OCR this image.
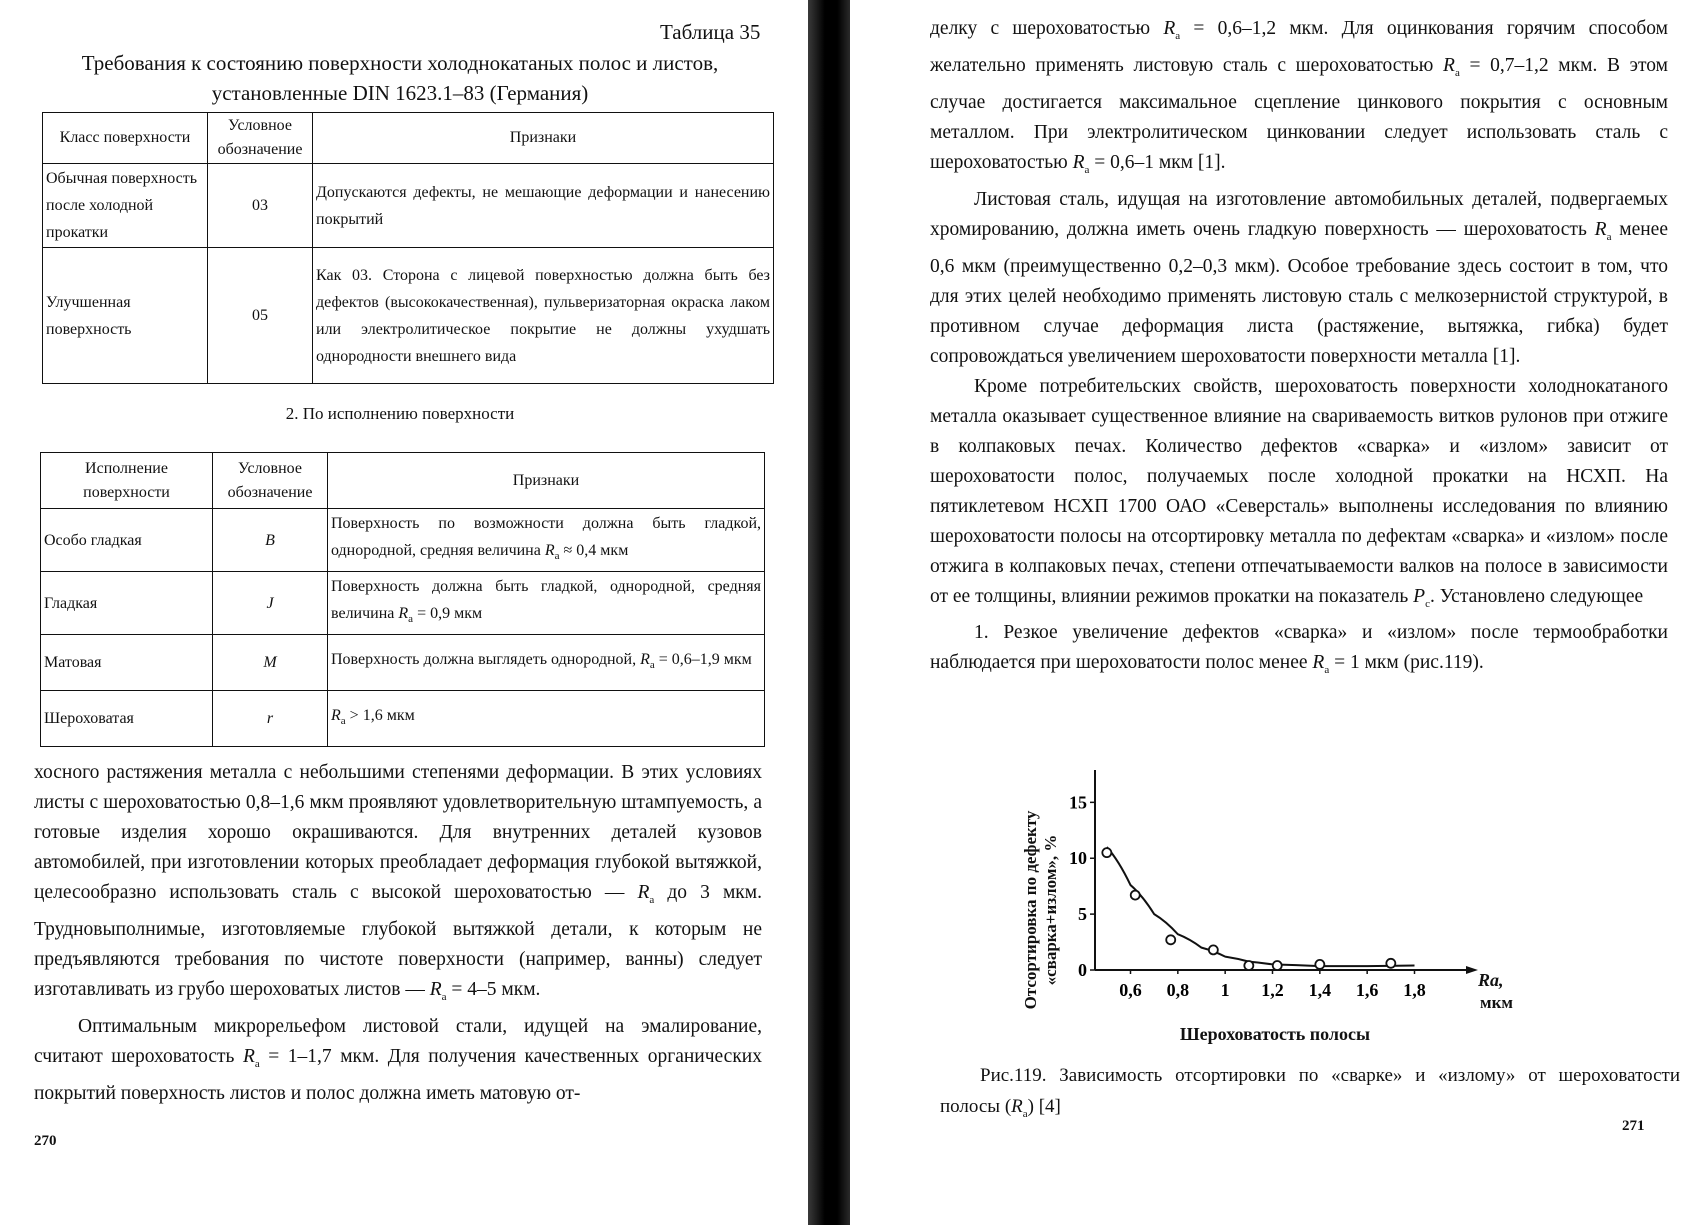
Таблица 35
Требования к состоянию поверхности холоднокатаных полос и листов,
установленные DIN 1623.1–83 (Германия)
Класс поверхности	Условное обозначение	Признаки
Обычная поверхность после холодной прокатки	03	Допускаются дефекты, не мешающие деформации и нанесению покрытий
Улучшенная поверхность	05	Как 03. Сторона с лицевой поверхностью должна быть без дефектов (высококачественная), пульверизаторная окраска лаком или электролитическое покрытие не должны ухудшать однородности внешнего вида
2. По исполнению поверхности
Исполнение поверхности	Условное обозначение	Признаки
Особо гладкая	B	Поверхность по возможности должна быть гладкой, однородной, средняя величина $R_a \approx 0,4$ мкм
Гладкая	J	Поверхность должна быть гладкой, однородной, средняя величина $R_a = 0,9$ мкм
Матовая	M	Поверхность должна выглядеть однородной, $R_a = 0,6-1,9$ мкм
Шероховатая	r	$R_a > 1,6$ мкм

хосного растяжения металла с небольшими степенями деформации. В этих условиях листы с шероховатостью 0,8–1,6 мкм проявляют удовлетворительную штампуемость, а готовые изделия хорошо окрашиваются. Для внутренних деталей кузовов автомобилей, при изготовлении которых преобладает деформация глубокой вытяжкой, целесообразно использовать сталь с высокой шероховатостью — $R_a$ до 3 мкм. Трудновыполнимые, изготовляемые глубокой вытяжкой детали, к которым не предъявляются требования по чистоте поверхности (например, ванны) следует изготавливать из грубо шероховатых листов — $R_a = 4-5$ мкм.

Оптимальным микрорельефом листовой стали, идущей на эмалирование, считают шероховатость $R_a = 1-1,7$ мкм. Для получения качественных органических покрытий поверхность листов и полос должна иметь матовую от-

270

делку с шероховатостью $R_a = 0,6-1,2$ мкм. Для оцинкования горячим способом желательно применять листовую сталь с шероховатостью $R_a = 0,7-1,2$ мкм. В этом случае достигается максимальное сцепление цинкового покрытия с основным металлом. При электролитическом цинковании следует использовать сталь с шероховатостью $R_a = 0,6-1$ мкм [1].

Листовая сталь, идущая на изготовление автомобильных деталей, подвергаемых хромированию, должна иметь очень гладкую поверхность — шероховатость $R_a$ менее 0,6 мкм (преимущественно 0,2–0,3 мкм). Особое требование здесь состоит в том, что для этих целей необходимо применять листовую сталь с мелкозернистой структурой, в противном случае деформация листа (растяжение, вытяжка, гибка) будет сопровождаться увеличением шероховатости поверхности металла [1].

Кроме потребительских свойств, шероховатость поверхности холоднокатаного металла оказывает существенное влияние на свариваемость витков рулонов при отжиге в колпаковых печах. Количество дефектов «сварка» и «излом» зависит от шероховатости полос, получаемых после холодной прокатки на НСХП. На пятиклетевом НСХП 1700 ОАО «Северсталь» выполнены исследования по влиянию шероховатости полосы на отсортировку металла по дефектам «сварка» и «излом» после отжига в колпаковых печах, степени отпечатываемости валков на полосе в зависимости от ее толщины, влиянии режимов прокатки на показатель $P_c$. Установлено следующее

1. Резкое увеличение дефектов «сварка» и «излом» после термообработки наблюдается при шероховатости полос менее $R_a = 1$ мкм (рис.119).

Отсортировка по дефекту «сварка+излом», %
Шероховатость полосы
Ra,
мкм
0
5
10
15
0,6 0,8 1 1,2 1,4 1,6 1,8
Рис.119. Зависимость отсортировки по «сварке» и «излому» от шероховатости полосы $(R_a)$ [4]
271
